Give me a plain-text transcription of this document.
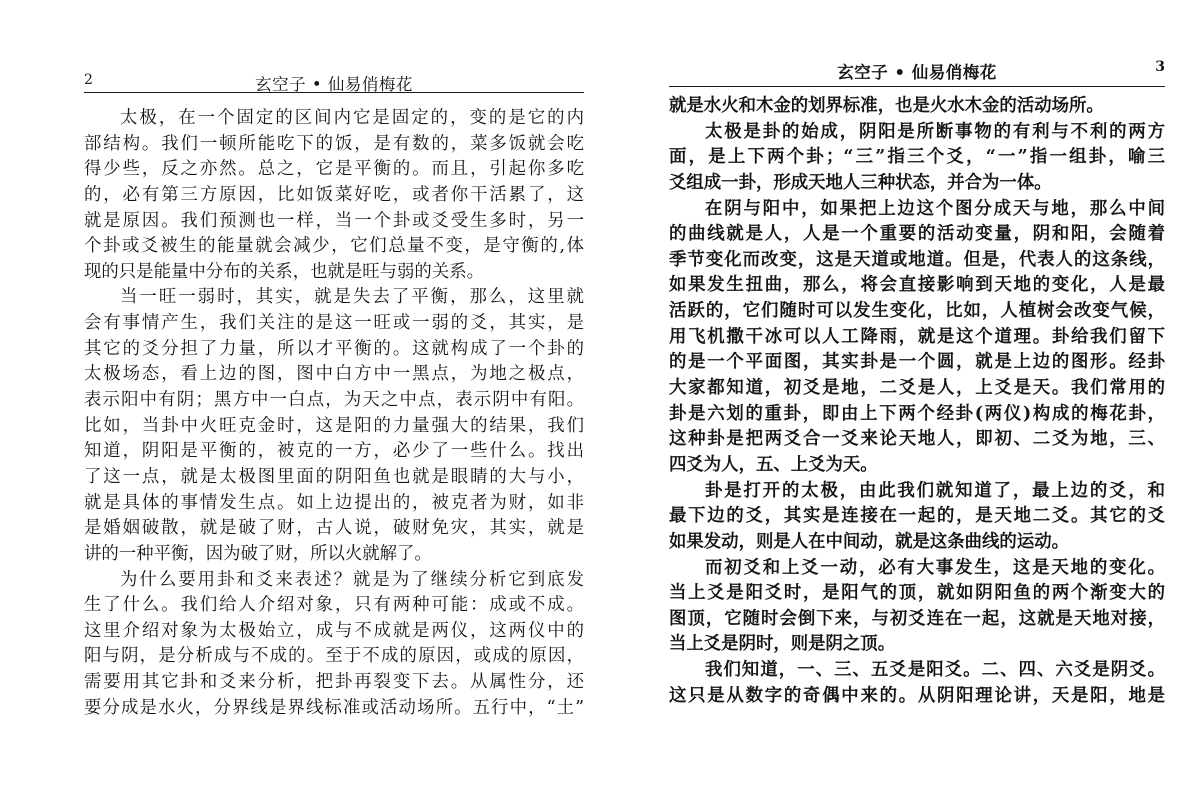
2	玄空子 • 仙易俏梅花
太极，在一个固定的区间内它是固定的，变的是它的内
部结构。我们一顿所能吃下的饭，是有数的，菜多饭就会吃
得少些，反之亦然。总之，它是平衡的。而且，引起你多吃
的，必有第三方原因，比如饭菜好吃，或者你干活累了，这
就是原因。我们预测也一样，当一个卦或爻受生多时，另一
个卦或爻被生的能量就会减少，它们总量不变，是守衡的,体
现的只是能量中分布的关系，也就是旺与弱的关系。
当一旺一弱时，其实，就是失去了平衡，那么，这里就
会有事情产生，我们关注的是这一旺或一弱的爻，其实，是
其它的爻分担了力量，所以才平衡的。这就构成了一个卦的
太极场态，看上边的图，图中白方中一黑点，为地之极点，
表示阳中有阴；黑方中一白点，为天之中点，表示阴中有阳。
比如，当卦中火旺克金时，这是阳的力量强大的结果，我们
知道，阴阳是平衡的，被克的一方，必少了一些什么。找出
了这一点，就是太极图里面的阴阳鱼也就是眼睛的大与小，
就是具体的事情发生点。如上边提出的，被克者为财，如非
是婚姻破散，就是破了财，古人说，破财免灾，其实，就是
讲的一种平衡，因为破了财，所以火就解了。
为什么要用卦和爻来表述？就是为了继续分析它到底发
生了什么。我们给人介绍对象，只有两种可能：成或不成。
这里介绍对象为太极始立，成与不成就是两仪，这两仪中的
阳与阴，是分析成与不成的。至于不成的原因，或成的原因，
需要用其它卦和爻来分析，把卦再裂变下去。从属性分，还
要分成是水火，分界线是界线标准或活动场所。五行中，“土”
玄空子 • 仙易俏梅花	3
就是水火和木金的划界标准，也是火水木金的活动场所。
太极是卦的始成，阴阳是所断事物的有利与不利的两方
面，是上下两个卦；“三”指三个爻，“一”指一组卦，喻三
爻组成一卦，形成天地人三种状态，并合为一体。
在阴与阳中，如果把上边这个图分成天与地，那么中间
的曲线就是人，人是一个重要的活动变量，阴和阳，会随着
季节变化而改变，这是天道或地道。但是，代表人的这条线，
如果发生扭曲，那么，将会直接影响到天地的变化，人是最
活跃的，它们随时可以发生变化，比如，人植树会改变气候，
用飞机撒干冰可以人工降雨，就是这个道理。卦给我们留下
的是一个平面图，其实卦是一个圆，就是上边的图形。经卦
大家都知道，初爻是地，二爻是人，上爻是天。我们常用的
卦是六划的重卦，即由上下两个经卦(两仪)构成的梅花卦，
这种卦是把两爻合一爻来论天地人，即初、二爻为地，三、
四爻为人，五、上爻为天。
卦是打开的太极，由此我们就知道了，最上边的爻，和
最下边的爻，其实是连接在一起的，是天地二爻。其它的爻
如果发动，则是人在中间动，就是这条曲线的运动。
而初爻和上爻一动，必有大事发生，这是天地的变化。
当上爻是阳爻时，是阳气的顶，就如阴阳鱼的两个渐变大的
图顶，它随时会倒下来，与初爻连在一起，这就是天地对接，
当上爻是阴时，则是阴之顶。
我们知道，一、三、五爻是阳爻。二、四、六爻是阴爻。
这只是从数字的奇偶中来的。从阴阳理论讲，天是阳，地是
